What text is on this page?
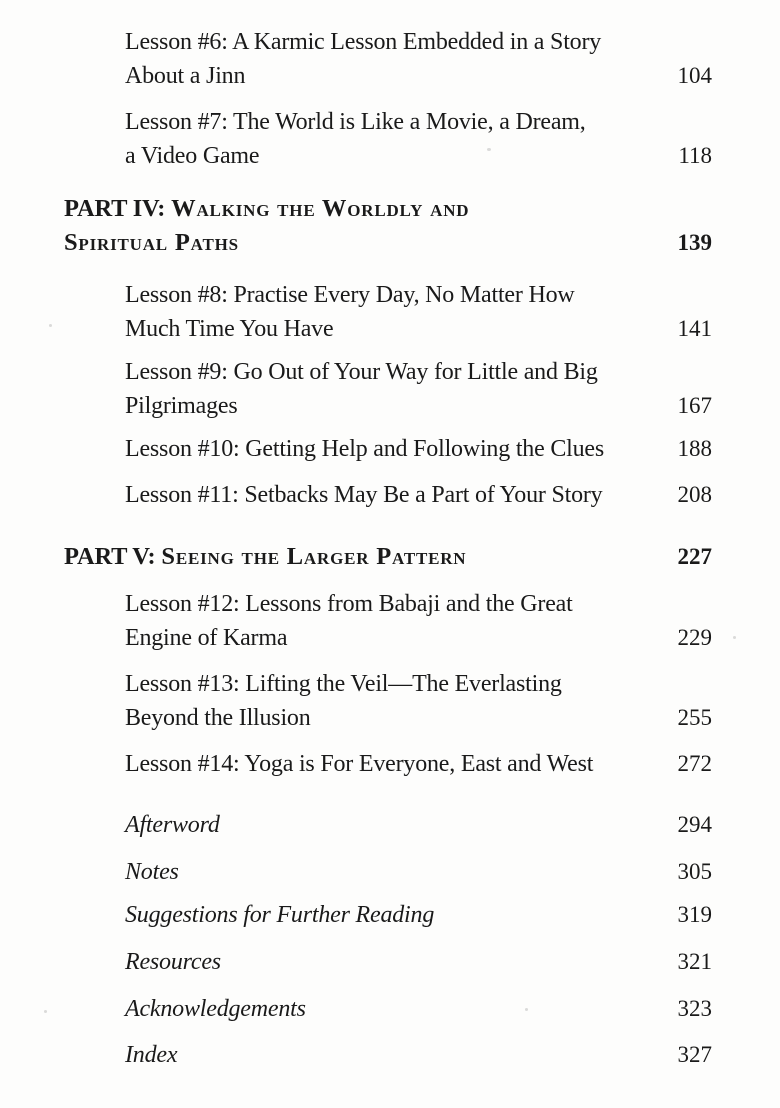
Lesson #6: A Karmic Lesson Embedded in a Story
About a Jinn	104
Lesson #7: The World is Like a Movie, a Dream,
a Video Game	118
PART IV: Walking the Worldly and
Spiritual Paths	139
Lesson #8: Practise Every Day, No Matter How
Much Time You Have	141
Lesson #9: Go Out of Your Way for Little and Big
Pilgrimages	167
Lesson #10: Getting Help and Following the Clues	188
Lesson #11: Setbacks May Be a Part of Your Story	208
PART V: Seeing the Larger Pattern	227
Lesson #12: Lessons from Babaji and the Great
Engine of Karma	229
Lesson #13: Lifting the Veil—The Everlasting
Beyond the Illusion	255
Lesson #14: Yoga is For Everyone, East and West	272
Afterword	294
Notes	305
Suggestions for Further Reading	319
Resources	321
Acknowledgements	323
Index	327
